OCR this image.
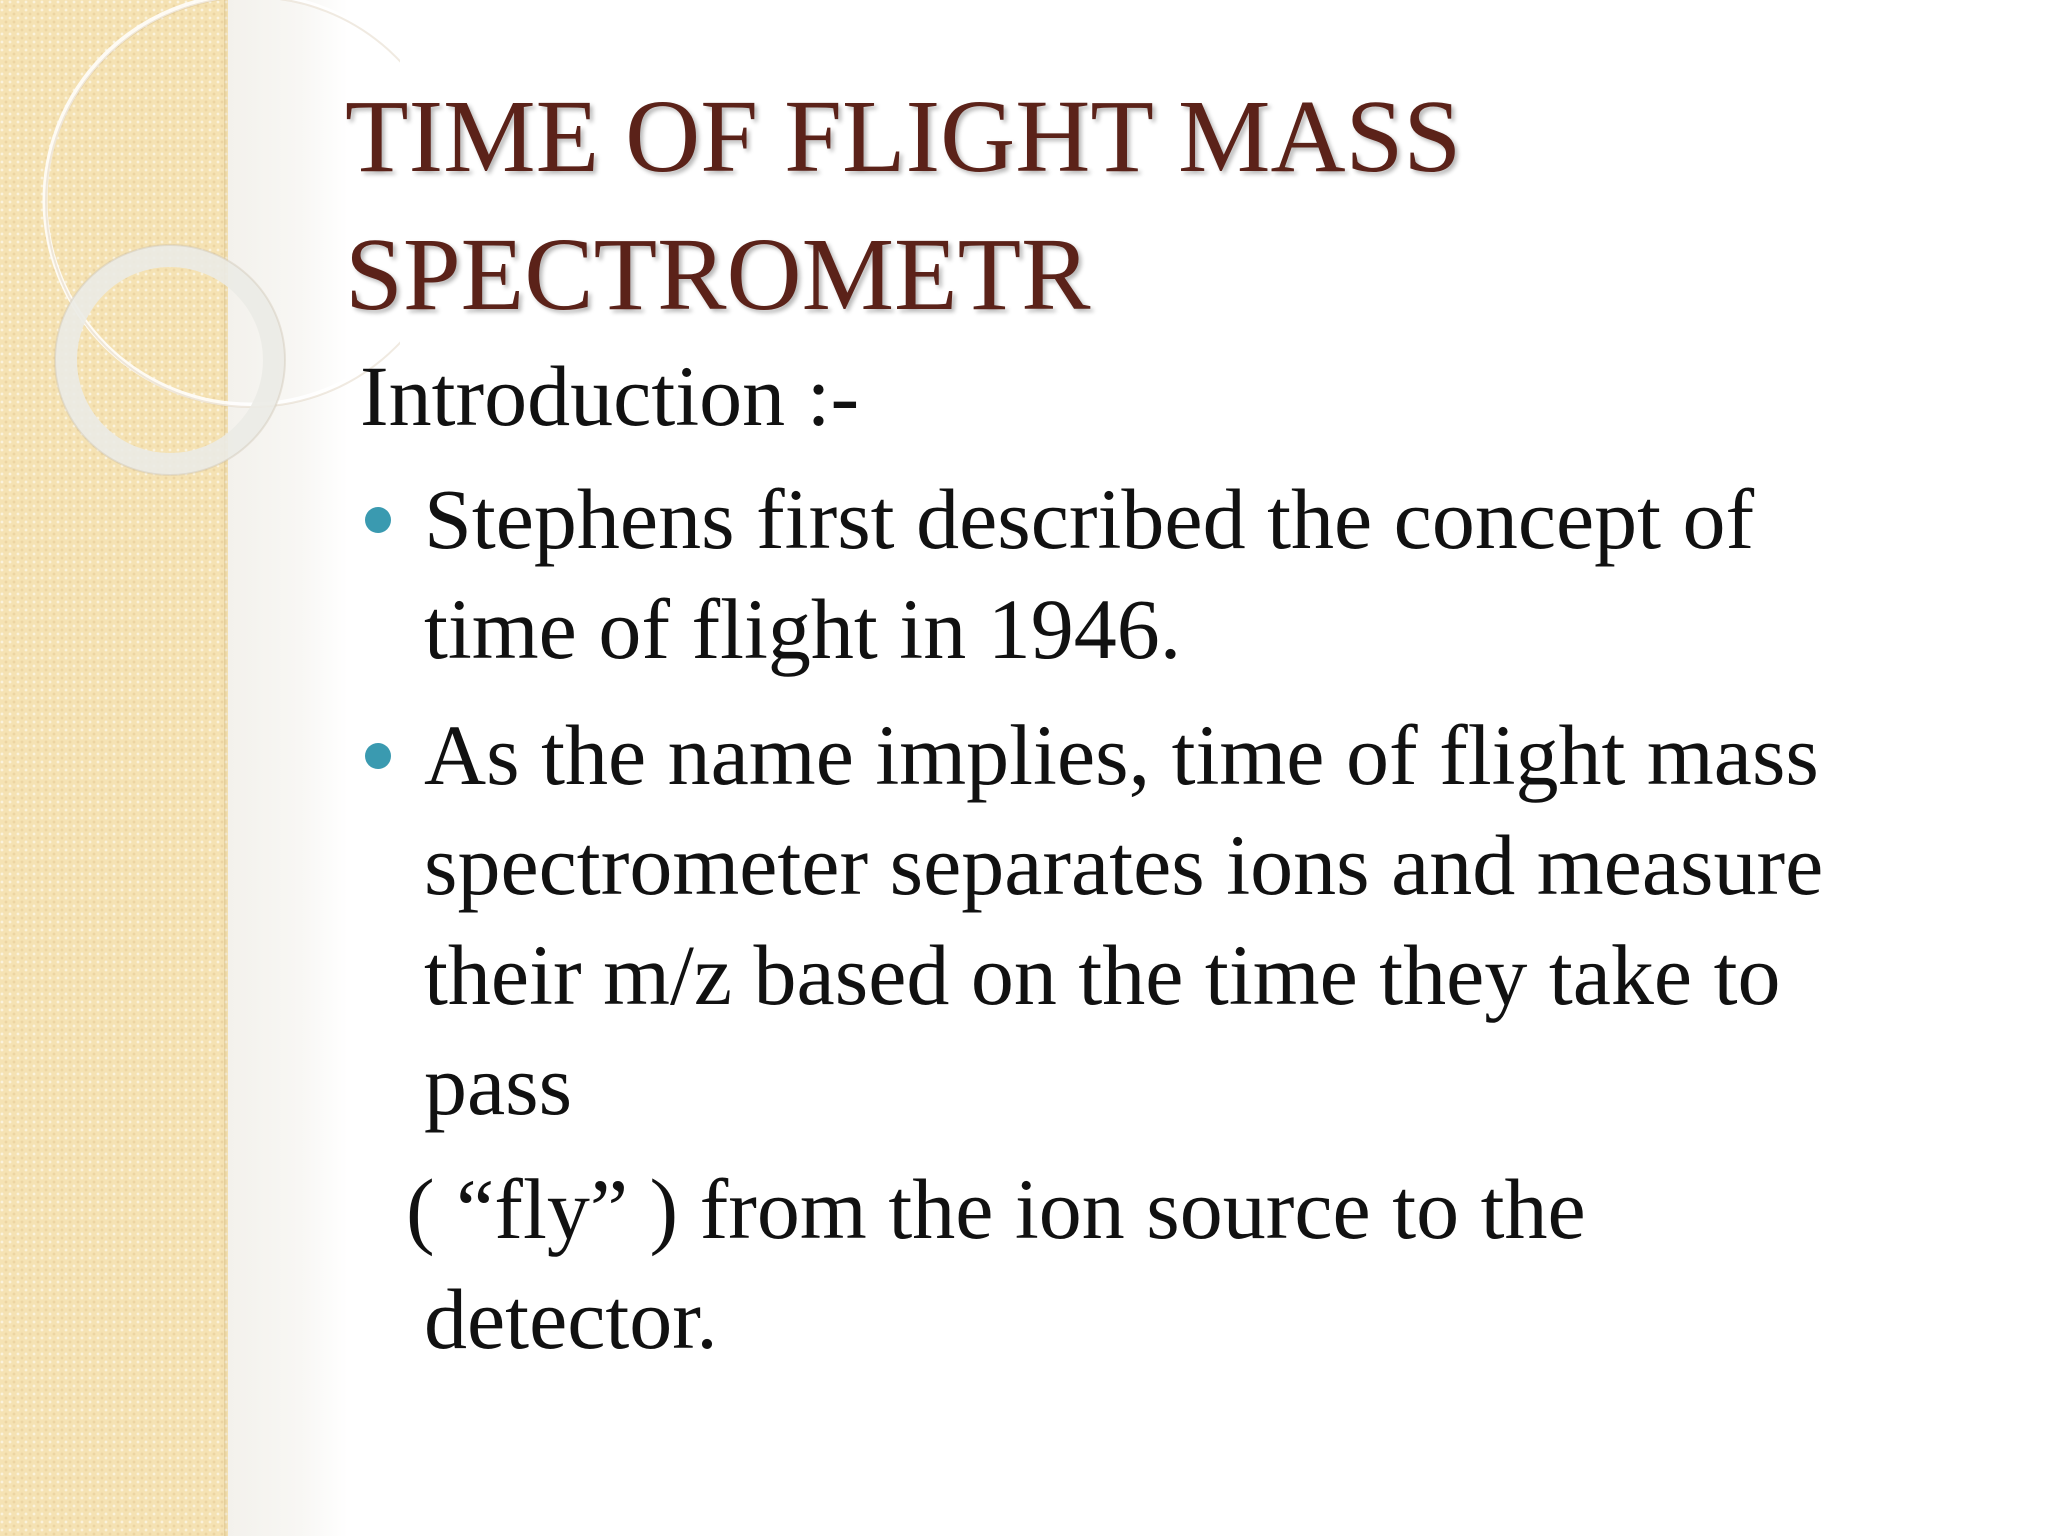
TIME OF FLIGHT MASS
SPECTROMETR

Introduction :-

Stephens first described the concept of
time of flight in 1946.
As the name implies, time of flight mass
spectrometer separates ions and measure
their m/z based on the time they take to
pass

( “fly” ) from the ion source to the
detector.
